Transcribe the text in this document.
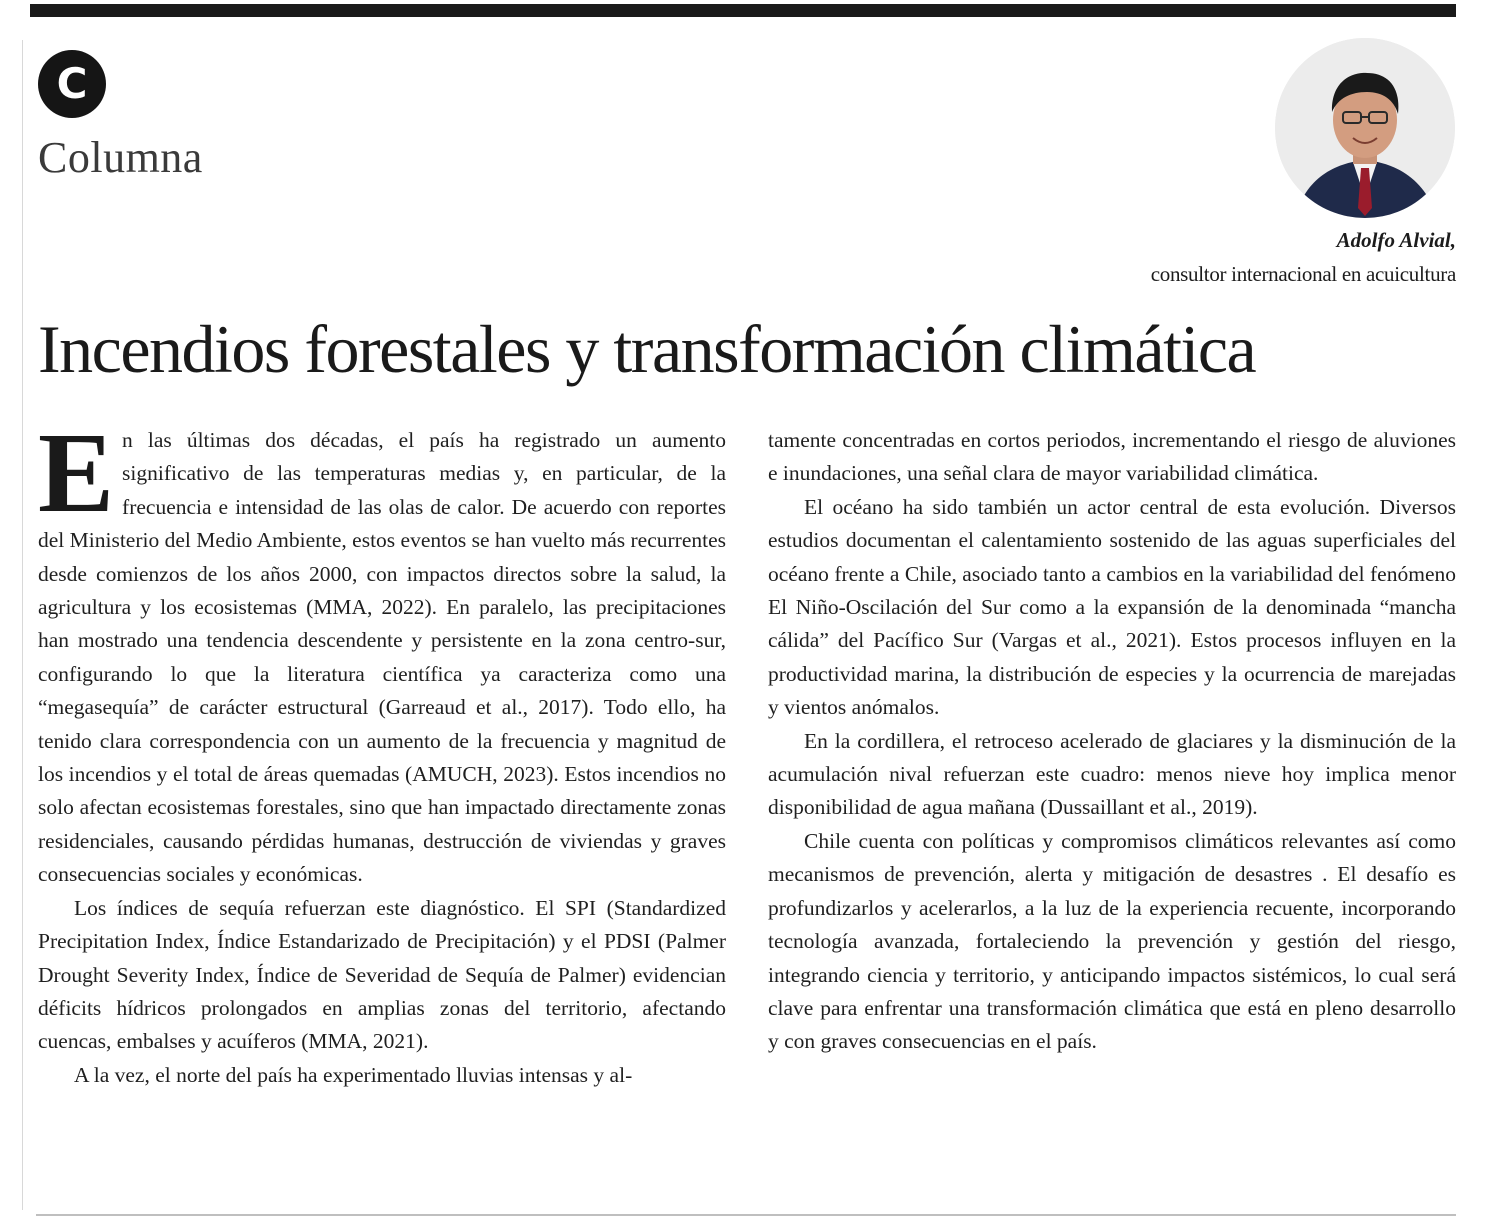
C
Columna
Adolfo Alvial,
consultor internacional en acuicultura
Incendios forestales y transformación climática

En las últimas dos décadas, el país ha registrado un aumento significativo de las temperaturas medias y, en particular, de la frecuencia e intensidad de las olas de calor. De acuerdo con reportes del Ministerio del Medio Ambiente, estos eventos se han vuelto más recurrentes desde comienzos de los años 2000, con impactos directos sobre la salud, la agricultura y los ecosistemas (MMA, 2022). En paralelo, las precipitaciones han mostrado una tendencia descendente y persistente en la zona centro-sur, configurando lo que la literatura científica ya caracteriza como una “megasequía” de carácter estructural (Garreaud et al., 2017). Todo ello, ha tenido clara correspondencia con un aumento de la frecuencia y magnitud de los incendios y el total de áreas quemadas (AMUCH, 2023). Estos incendios no solo afectan ecosistemas forestales, sino que han impactado directamente zonas residenciales, causando pérdidas humanas, destrucción de viviendas y graves consecuencias sociales y económicas.

Los índices de sequía refuerzan este diagnóstico. El SPI (Standardized Precipitation Index, Índice Estandarizado de Precipitación) y el PDSI (Palmer Drought Severity Index, Índice de Severidad de Sequía de Palmer) evidencian déficits hídricos prolongados en amplias zonas del territorio, afectando cuencas, embalses y acuíferos (MMA, 2021).

A la vez, el norte del país ha experimentado lluvias intensas y al-

tamente concentradas en cortos periodos, incrementando el riesgo de aluviones e inundaciones, una señal clara de mayor variabilidad climática.

El océano ha sido también un actor central de esta evolución. Diversos estudios documentan el calentamiento sostenido de las aguas superficiales del océano frente a Chile, asociado tanto a cambios en la variabilidad del fenómeno El Niño-Oscilación del Sur como a la expansión de la denominada “mancha cálida” del Pacífico Sur (Vargas et al., 2021). Estos procesos influyen en la productividad marina, la distribución de especies y la ocurrencia de marejadas y vientos anómalos.

En la cordillera, el retroceso acelerado de glaciares y la disminución de la acumulación nival refuerzan este cuadro: menos nieve hoy implica menor disponibilidad de agua mañana (Dussaillant et al., 2019).

Chile cuenta con políticas y compromisos climáticos relevantes así como mecanismos de prevención, alerta y mitigación de desastres . El desafío es profundizarlos y acelerarlos, a la luz de la experiencia recuente, incorporando tecnología avanzada, fortaleciendo la prevención y gestión del riesgo, integrando ciencia y territorio, y anticipando impactos sistémicos, lo cual será clave para enfrentar una transformación climática que está en pleno desarrollo y con graves consecuencias en el país.
